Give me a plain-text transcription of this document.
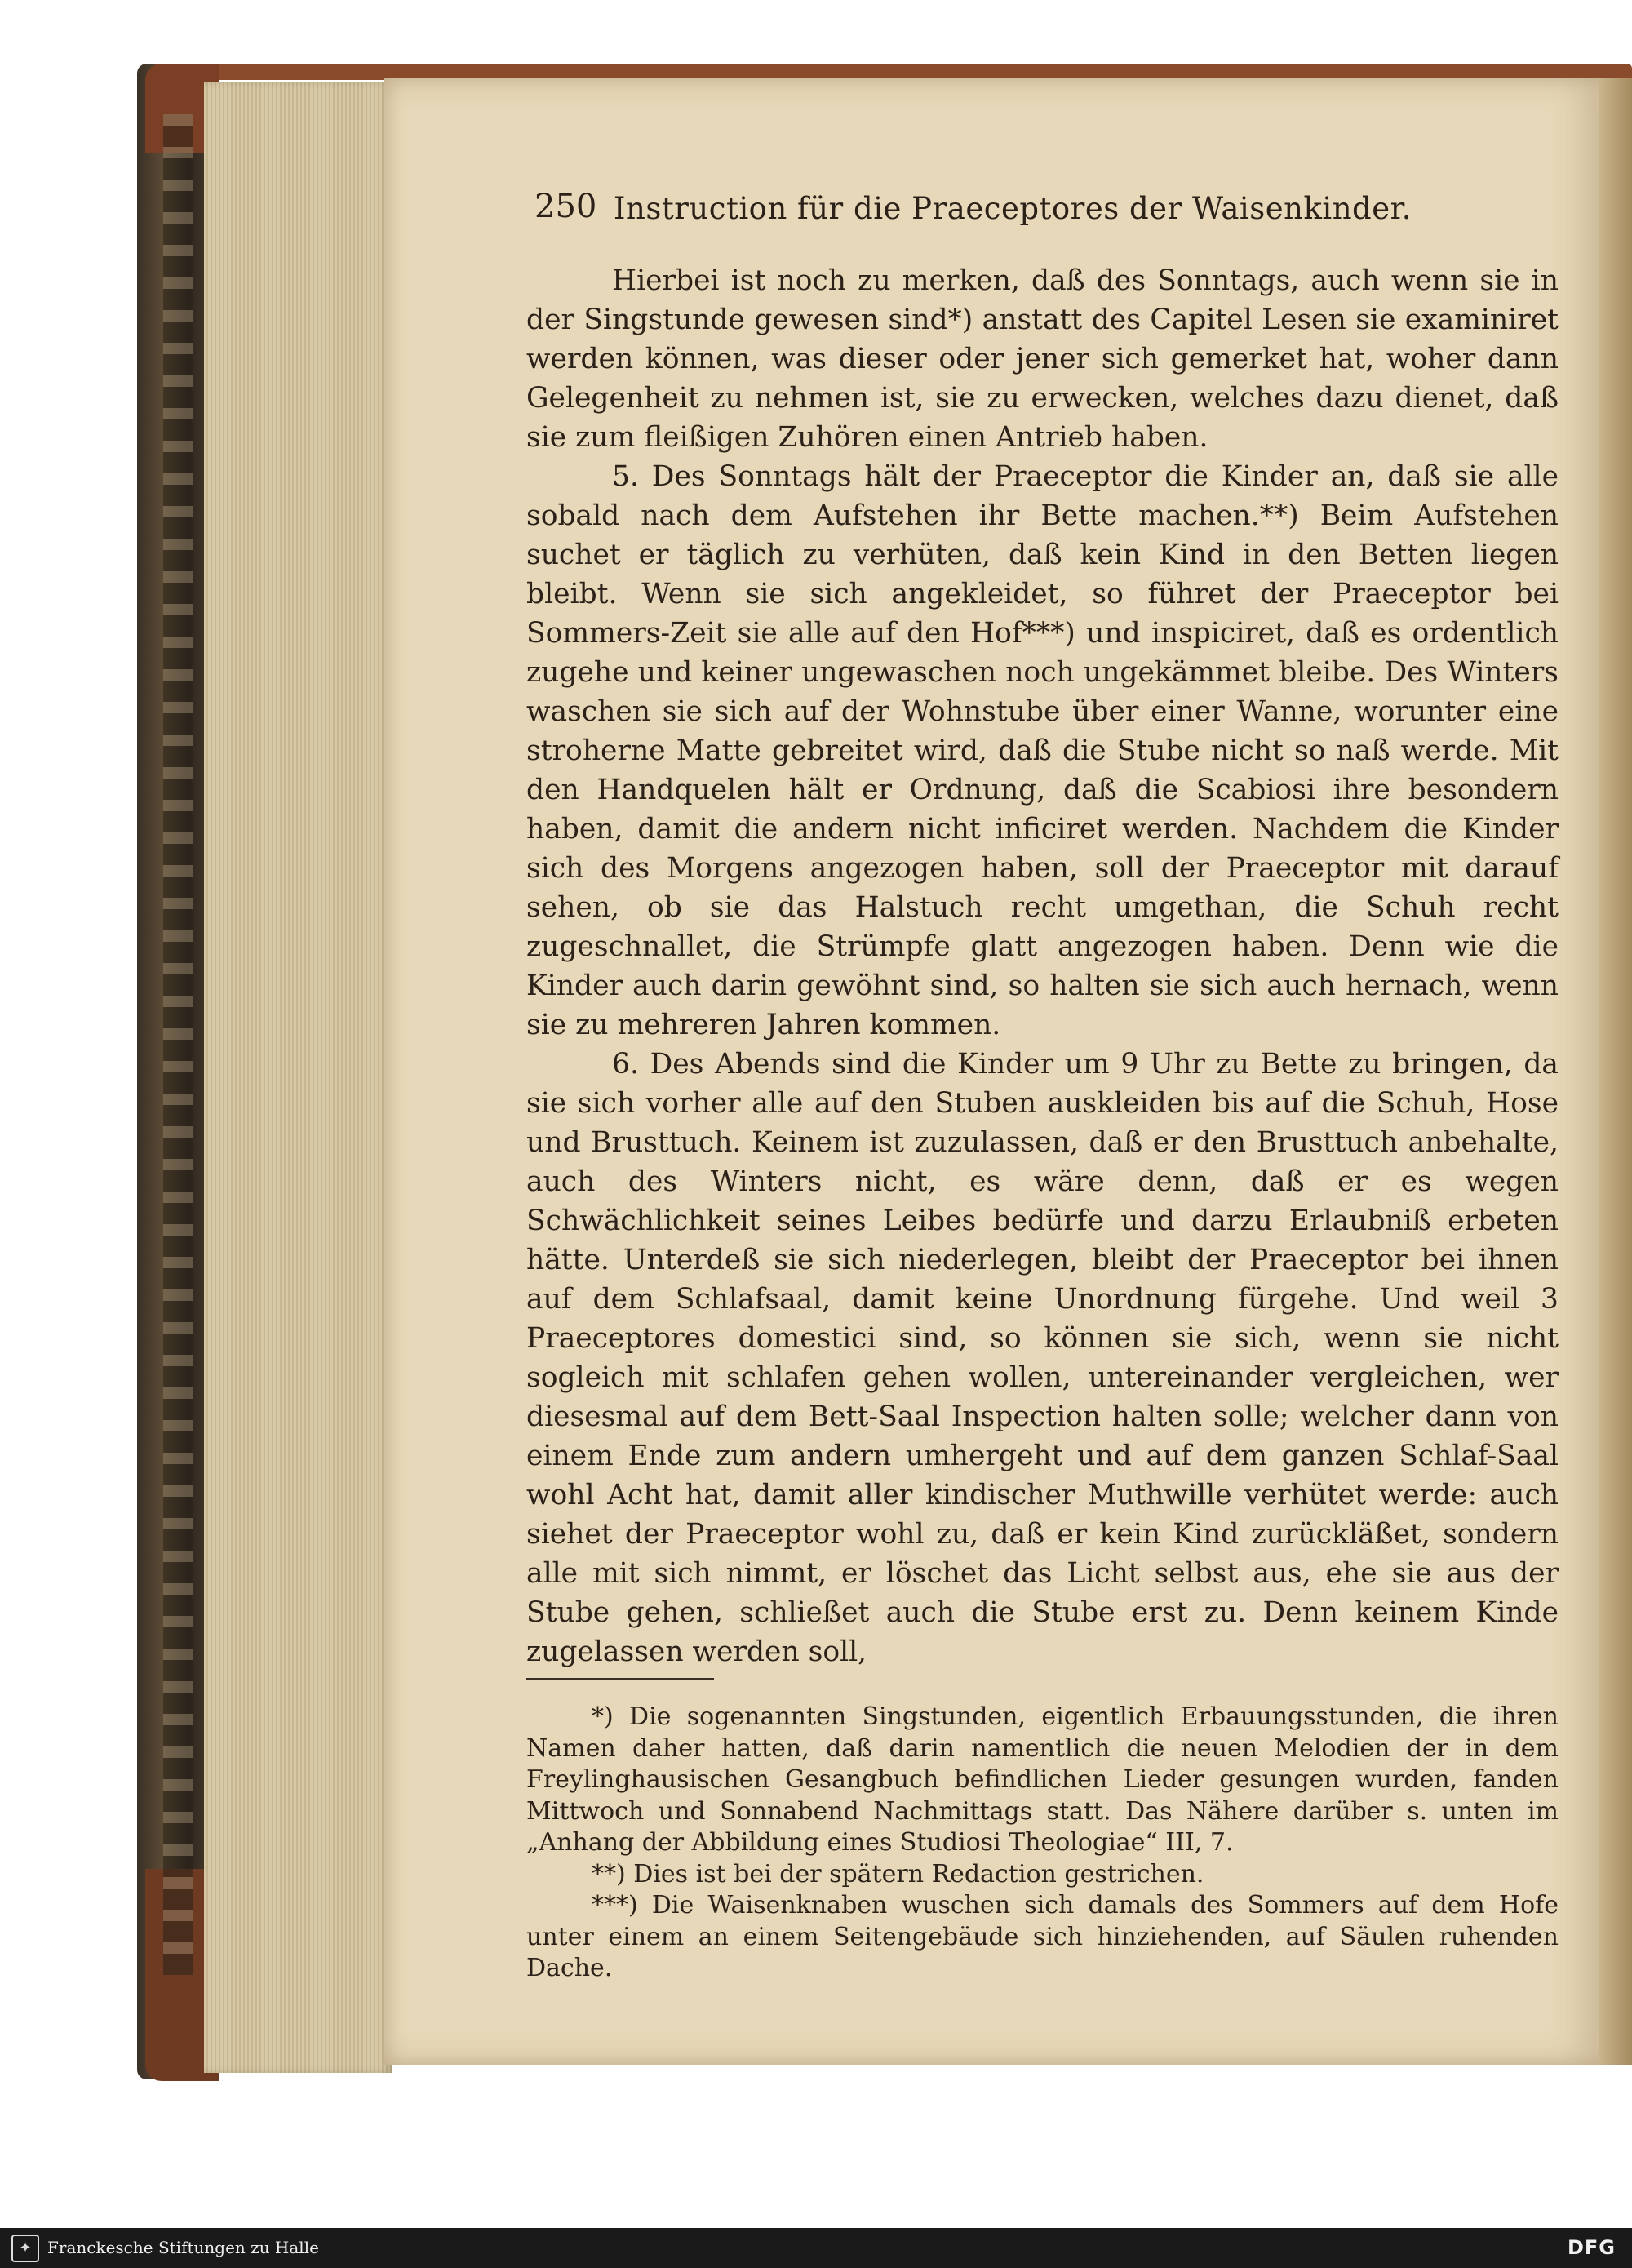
250 Instruction für die Praeceptores der Waisenkinder.

Hierbei ist noch zu merken, daß des Sonntags, auch wenn sie in der Singstunde gewesen sind*) anstatt des Capitel Lesen sie examiniret werden können, was dieser oder jener sich gemerket hat, woher dann Gelegenheit zu nehmen ist, sie zu erwecken, welches dazu dienet, daß sie zum fleißigen Zuhören einen Antrieb haben.

5. Des Sonntags hält der Praeceptor die Kinder an, daß sie alle sobald nach dem Aufstehen ihr Bette machen.**) Beim Aufstehen suchet er täglich zu verhüten, daß kein Kind in den Betten liegen bleibt. Wenn sie sich angekleidet, so führet der Praeceptor bei Sommers-Zeit sie alle auf den Hof***) und inspiciret, daß es ordentlich zugehe und keiner ungewaschen noch ungekämmet bleibe. Des Winters waschen sie sich auf der Wohnstube über einer Wanne, worunter eine stroherne Matte gebreitet wird, daß die Stube nicht so naß werde. Mit den Handquelen hält er Ordnung, daß die Scabiosi ihre besondern haben, damit die andern nicht inficiret werden. Nachdem die Kinder sich des Morgens angezogen haben, soll der Praeceptor mit darauf sehen, ob sie das Halstuch recht umgethan, die Schuh recht zugeschnallet, die Strümpfe glatt angezogen haben. Denn wie die Kinder auch darin gewöhnt sind, so halten sie sich auch hernach, wenn sie zu mehreren Jahren kommen.

6. Des Abends sind die Kinder um 9 Uhr zu Bette zu bringen, da sie sich vorher alle auf den Stuben auskleiden bis auf die Schuh, Hose und Brusttuch. Keinem ist zuzulassen, daß er den Brusttuch anbehalte, auch des Winters nicht, es wäre denn, daß er es wegen Schwächlichkeit seines Leibes bedürfe und darzu Erlaubniß erbeten hätte. Unterdeß sie sich niederlegen, bleibt der Praeceptor bei ihnen auf dem Schlafsaal, damit keine Unordnung fürgehe. Und weil 3 Praeceptores domestici sind, so können sie sich, wenn sie nicht sogleich mit schlafen gehen wollen, untereinander vergleichen, wer diesesmal auf dem Bett-Saal Inspection halten solle; welcher dann von einem Ende zum andern umhergeht und auf dem ganzen Schlaf-Saal wohl Acht hat, damit aller kindischer Muthwille verhütet werde: auch siehet der Praeceptor wohl zu, daß er kein Kind zurückläßet, sondern alle mit sich nimmt, er löschet das Licht selbst aus, ehe sie aus der Stube gehen, schließet auch die Stube erst zu. Denn keinem Kinde zugelassen werden soll,

*) Die sogenannten Singstunden, eigentlich Erbauungsstunden, die ihren Namen daher hatten, daß darin namentlich die neuen Melodien der in dem Freylinghausischen Gesangbuch befindlichen Lieder gesungen wurden, fanden Mittwoch und Sonnabend Nachmittags statt. Das Nähere darüber s. unten im „Anhang der Abbildung eines Studiosi Theologiae“ III, 7.

**) Dies ist bei der spätern Redaction gestrichen.

***) Die Waisenknaben wuschen sich damals des Sommers auf dem Hofe unter einem an einem Seitengebäude sich hinziehenden, auf Säulen ruhenden Dache.

✦ Franckesche Stiftungen zu Halle	DFG
